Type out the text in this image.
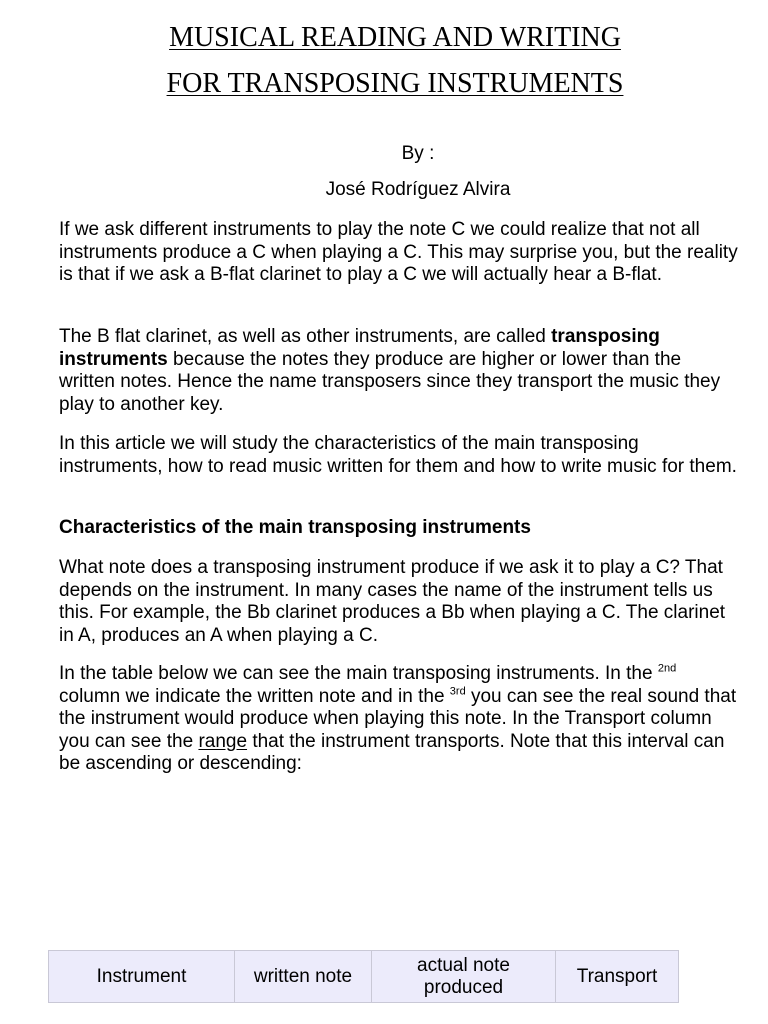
MUSICAL READING AND WRITING
FOR TRANSPOSING INSTRUMENTS

By :

José Rodríguez Alvira

If we ask different instruments to play the note C we could realize that not all instruments produce a C when playing a C. This may surprise you, but the reality is that if we ask a B-flat clarinet to play a C we will actually hear a B-flat.

The B flat clarinet, as well as other instruments, are called transposing instruments because the notes they produce are higher or lower than the written notes. Hence the name transposers since they transport the music they play to another key.

In this article we will study the characteristics of the main transposing instruments, how to read music written for them and how to write music for them.

Characteristics of the main transposing instruments

What note does a transposing instrument produce if we ask it to play a C? That depends on the instrument. In many cases the name of the instrument tells us this. For example, the Bb clarinet produces a Bb when playing a C. The clarinet in A, produces an A when playing a C.

In the table below we can see the main transposing instruments. In the $^{2nd}$ column we indicate the written note and in the $^{3rd}$ you can see the real sound that the instrument would produce when playing this note. In the Transport column you can see the range that the instrument transports. Note that this interval can be ascending or descending:

Instrument	written note	actual note produced	Transport
